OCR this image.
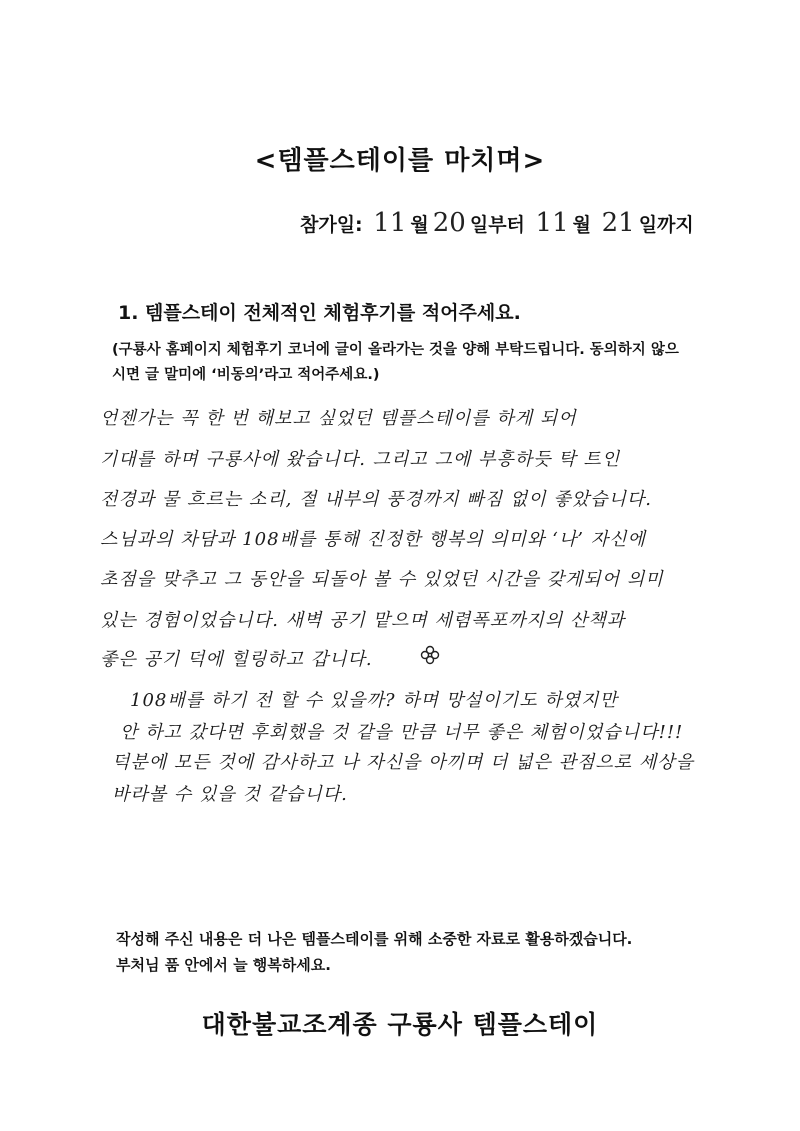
<템플스테이를 마치며>
참가일: 11 월 20 일부터 11 월 21 일까지
1. 템플스테이 전체적인 체험후기를 적어주세요.
(구룡사 홈페이지 체험후기 코너에 글이 올라가는 것을 양해 부탁드립니다. 동의하지 않으시면 글 말미에 ‘비동의’라고 적어주세요.)
언젠가는 꼭 한 번 해보고 싶었던 템플스테이를 하게 되어
기대를 하며 구룡사에 왔습니다. 그리고 그에 부흥하듯 탁 트인
전경과 물 흐르는 소리, 절 내부의 풍경까지 빠짐 없이 좋았습니다.
스님과의 차담과 108배를 통해 진정한 행복의 의미와 ‘나’ 자신에
초점을 맞추고 그 동안을 되돌아 볼 수 있었던 시간을 갖게되어 의미
있는 경험이었습니다. 새벽 공기 맡으며 세렴폭포까지의 산책과
좋은 공기 덕에 힐링하고 갑니다.
108배를 하기 전 할 수 있을까? 하며 망설이기도 하였지만
안 하고 갔다면 후회했을 것 같을 만큼 너무 좋은 체험이었습니다!!!
덕분에 모든 것에 감사하고 나 자신을 아끼며 더 넓은 관점으로 세상을
바라볼 수 있을 것 같습니다.
작성해 주신 내용은 더 나은 템플스테이를 위해 소중한 자료로 활용하겠습니다.
부처님 품 안에서 늘 행복하세요.
대한불교조계종 구룡사 템플스테이
